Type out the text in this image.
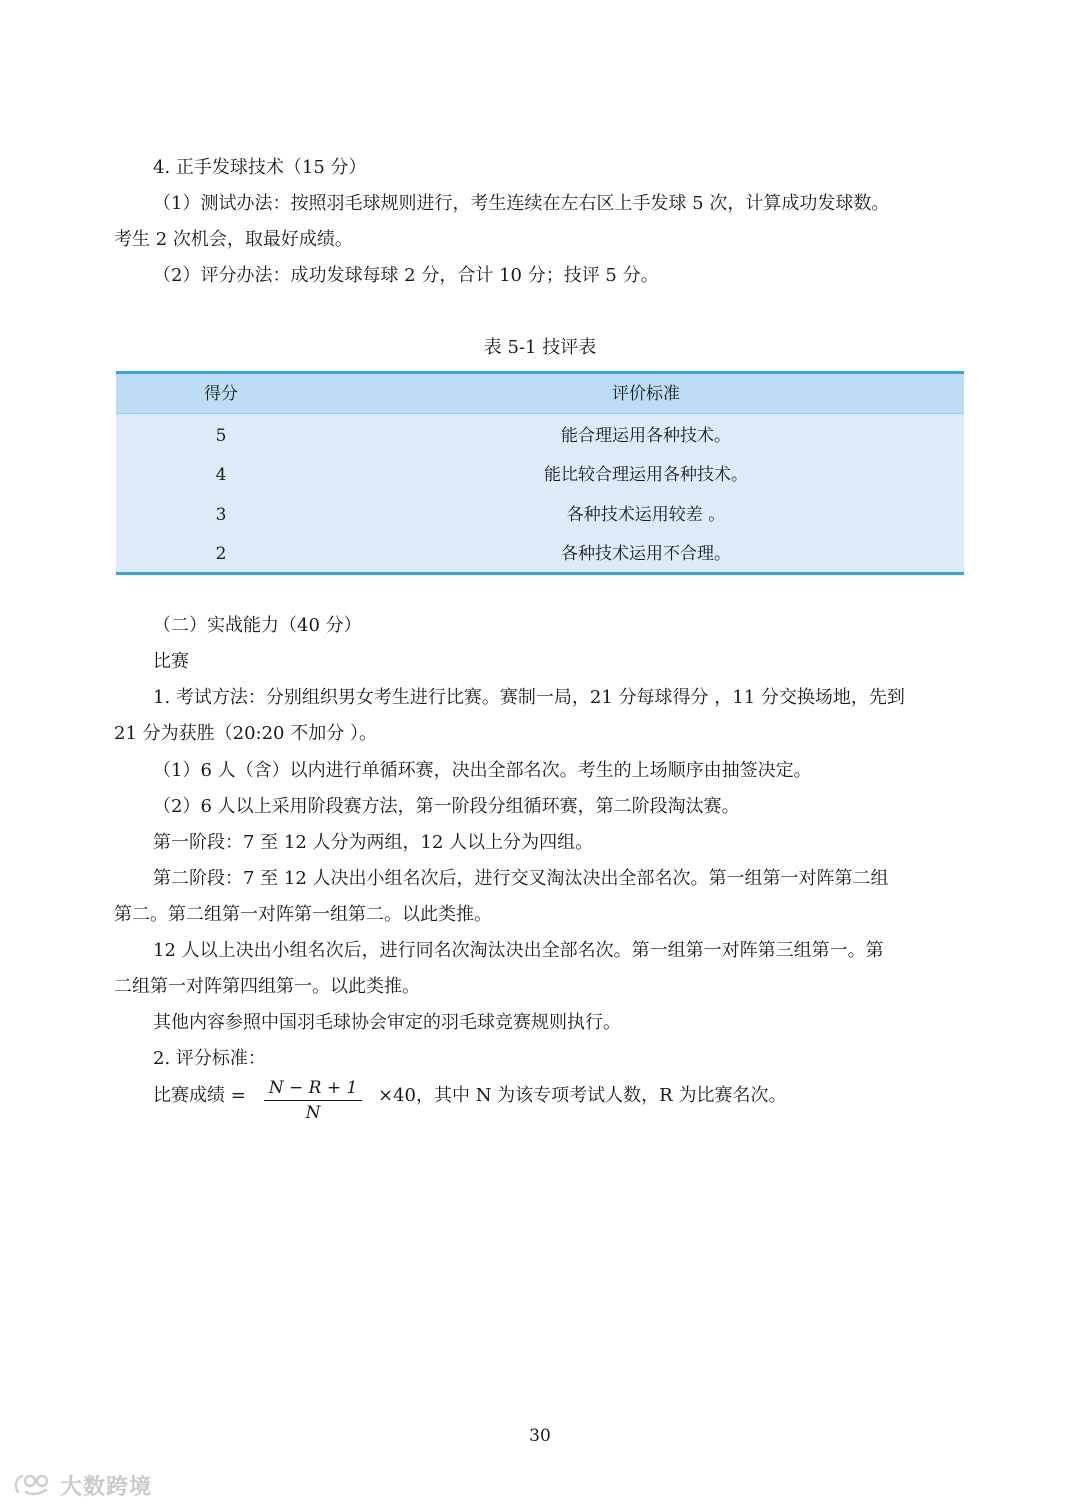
4. 正手发球技术（15 分）
（1）测试办法：按照羽毛球规则进行，考生连续在左右区上手发球 5 次，计算成功发球数。
考生 2 次机会，取最好成绩。
（2）评分办法：成功发球每球 2 分，合计 10 分；技评 5 分。
表 5-1 技评表
得分	评价标准
5	能合理运用各种技术。
4	能比较合理运用各种技术。
3	各种技术运用较差 。
2	各种技术运用不合理。
（二）实战能力（40 分）
比赛
1. 考试方法：分别组织男女考生进行比赛。赛制一局，21 分每球得分 ，11 分交换场地，先到
21 分为获胜（20:20 不加分 ）。
（1）6 人（含）以内进行单循环赛，决出全部名次。考生的上场顺序由抽签决定。
（2）6 人以上采用阶段赛方法，第一阶段分组循环赛，第二阶段淘汰赛。
第一阶段：7 至 12 人分为两组，12 人以上分为四组。
第二阶段：7 至 12 人决出小组名次后，进行交叉淘汰决出全部名次。第一组第一对阵第二组
第二。第二组第一对阵第一组第二。以此类推。
12 人以上决出小组名次后，进行同名次淘汰决出全部名次。第一组第一对阵第三组第一。第
二组第一对阵第四组第一。以此类推。
其他内容参照中国羽毛球协会审定的羽毛球竞赛规则执行。
2. 评分标准：
比赛成绩 = $\frac{N - R + 1}{N} \times 40$，其中 N 为该专项考试人数，R 为比赛名次。
30
大数跨境
